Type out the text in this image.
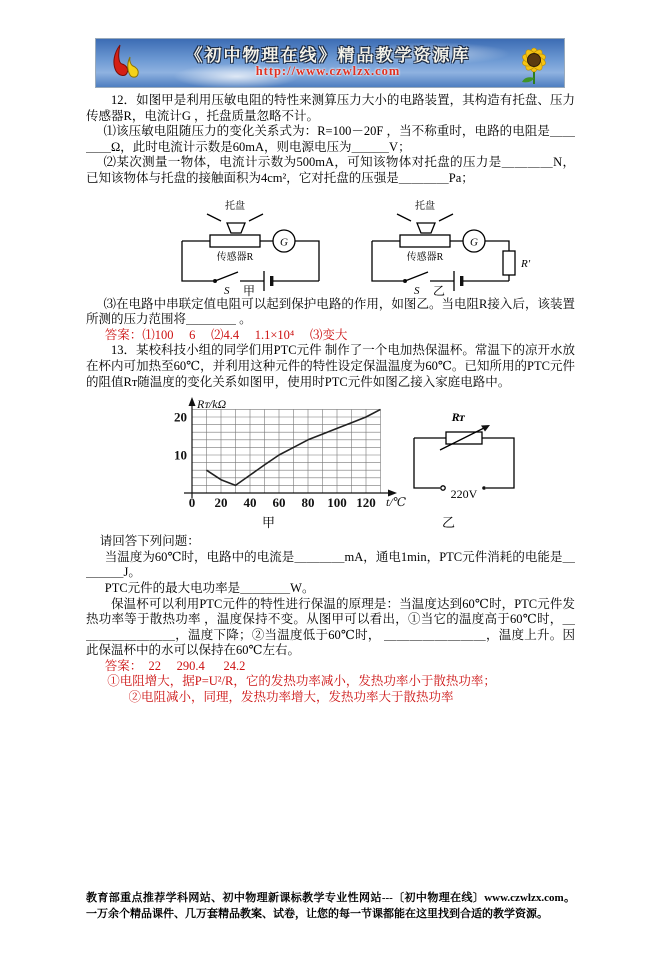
《初中物理在线》精品教学资源库
http://www.czwlzx.com

12．如图甲是利用压敏电阻的特性来测算压力大小的电路装置，其构造有托盘、压力传感器R，电流计G ，托盘质量忽略不计。

⑴该压敏电阻随压力的变化关系式为：R=100－20F ，当不称重时，电路的电阻是＿＿＿＿Ω，此时电流计示数是60mA，则电源电压为＿＿＿V；

⑵某次测量一物体，电流计示数为500mA，可知该物体对托盘的压力是＿＿＿＿N，已知该物体与托盘的接触面积为4cm²，它对托盘的压强是＿＿＿＿Pa；

托盘
传感器R
G
S 甲
托盘
传感器R
G
R′
S 乙

⑶在电路中串联定值电阻可以起到保护电路的作用，如图乙。当电阻R接入后，该装置所测的压力范围将＿＿＿＿ 。

答案：⑴100　 6　 ⑵4.4　 1.1×10⁴　 ⑶变大

13．某校科技小组的同学们用PTC元件 制作了一个电加热保温杯。常温下的凉开水放在杯内可加热至60℃，并利用这种元件的特性设定保温温度为60℃。已知所用的PTC元件的阻值Rᴛ随温度的变化关系如图甲，使用时PTC元件如图乙接入家庭电路中。

10
20
0 20 40 60 80 100 120
Rᴛ/kΩ
t/℃
Rᴛ
220V
甲	乙

请回答下列问题：

当温度为60℃时，电路中的电流是＿＿＿＿mA，通电1min，PTC元件消耗的电能是＿＿＿＿J。

PTC元件的最大电功率是＿＿＿＿W。

保温杯可以利用PTC元件的特性进行保温的原理是：当温度达到60℃时，PTC元件发热功率等于散热功率 ，温度保持不变。从图甲可以看出，①当它的温度高于60℃时，＿＿＿＿＿＿＿＿，温度下降；②当温度低于60℃时， ＿＿＿＿＿＿＿＿，温度上升。因此保温杯中的水可以保持在60℃左右。

答案：  22　 290.4　  24.2

①电阻增大，据P=U²/R，它的发热功率减小，发热功率小于散热功率；

②电阻减小，同理，发热功率增大，发热功率大于散热功率

教育部重点推荐学科网站、初中物理新课标教学专业性网站---〔初中物理在线〕www.czwlzx.com。 一万余个精品课件、几万套精品教案、试卷，让您的每一节课都能在这里找到合适的教学资源。
